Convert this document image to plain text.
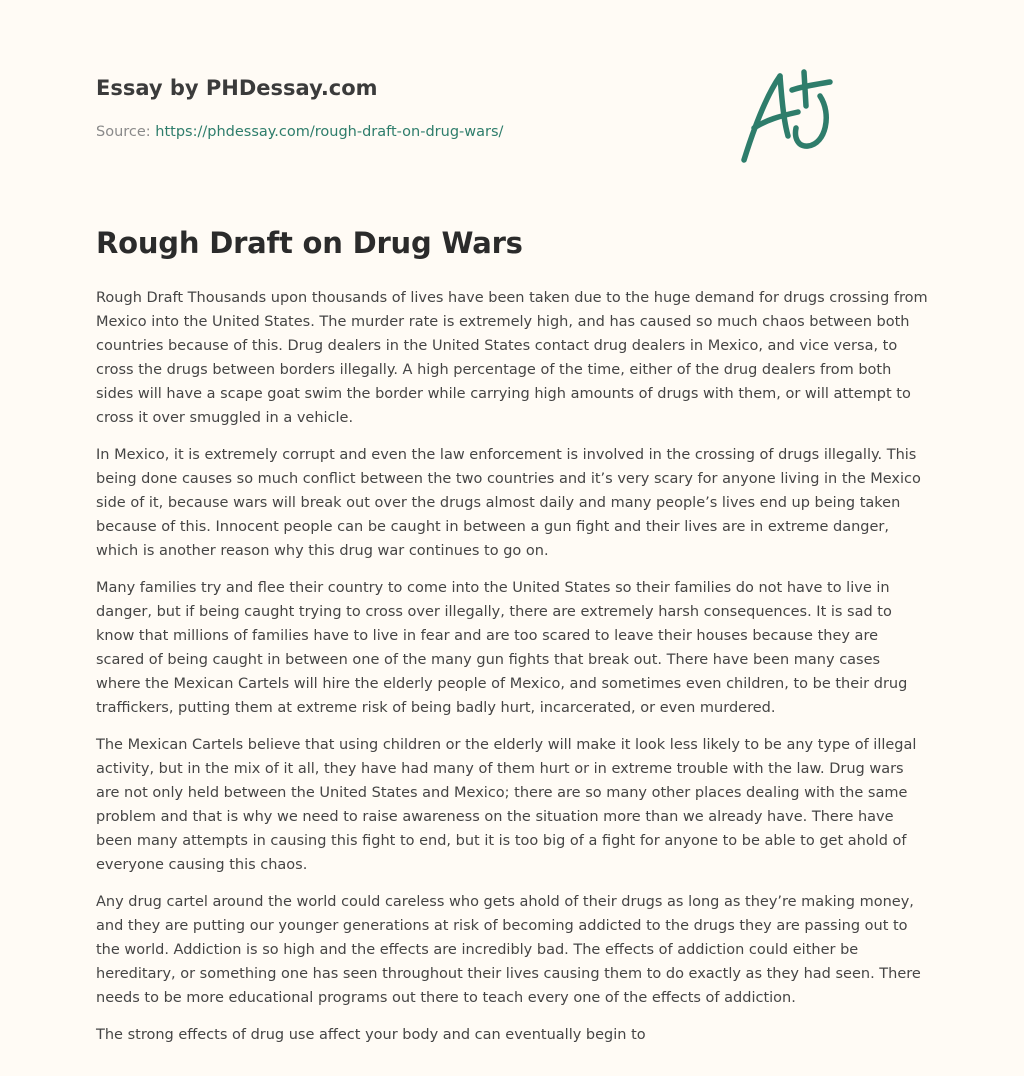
Essay by PHDessay.com
Source: https://phdessay.com/rough-draft-on-drug-wars/
Rough Draft on Drug Wars

Rough Draft Thousands upon thousands of lives have been taken due to the huge demand for drugs crossing from Mexico into the United States. The murder rate is extremely high, and has caused so much chaos between both countries because of this. Drug dealers in the United States contact drug dealers in Mexico, and vice versa, to cross the drugs between borders illegally. A high percentage of the time, either of the drug dealers from both sides will have a scape goat swim the border while carrying high amounts of drugs with them, or will attempt to cross it over smuggled in a vehicle.

In Mexico, it is extremely corrupt and even the law enforcement is involved in the crossing of drugs illegally. This being done causes so much conflict between the two countries and it’s very scary for anyone living in the Mexico side of it, because wars will break out over the drugs almost daily and many people’s lives end up being taken because of this. Innocent people can be caught in between a gun fight and their lives are in extreme danger, which is another reason why this drug war continues to go on.

Many families try and flee their country to come into the United States so their families do not have to live in danger, but if being caught trying to cross over illegally, there are extremely harsh consequences. It is sad to know that millions of families have to live in fear and are too scared to leave their houses because they are scared of being caught in between one of the many gun fights that break out. There have been many cases where the Mexican Cartels will hire the elderly people of Mexico, and sometimes even children, to be their drug traffickers, putting them at extreme risk of being badly hurt, incarcerated, or even murdered.

The Mexican Cartels believe that using children or the elderly will make it look less likely to be any type of illegal activity, but in the mix of it all, they have had many of them hurt or in extreme trouble with the law. Drug wars are not only held between the United States and Mexico; there are so many other places dealing with the same problem and that is why we need to raise awareness on the situation more than we already have. There have been many attempts in causing this fight to end, but it is too big of a fight for anyone to be able to get ahold of everyone causing this chaos.

Any drug cartel around the world could careless who gets ahold of their drugs as long as they’re making money, and they are putting our younger generations at risk of becoming addicted to the drugs they are passing out to the world. Addiction is so high and the effects are incredibly bad. The effects of addiction could either be hereditary, or something one has seen throughout their lives causing them to do exactly as they had seen. There needs to be more educational programs out there to teach every one of the effects of addiction.

The strong effects of drug use affect your body and can eventually begin to
